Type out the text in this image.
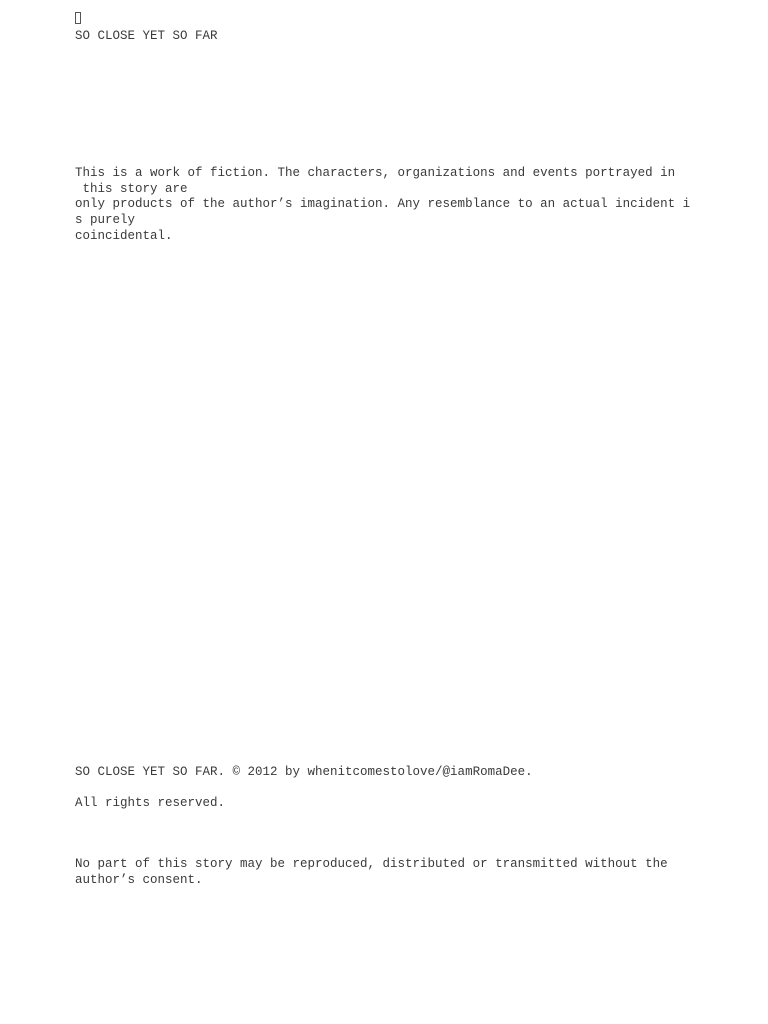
SO CLOSE YET SO FAR

This is a work of fiction. The characters, organizations and events portrayed in

this story are

only products of the author’s imagination. Any resemblance to an actual incident i

s purely

coincidental.

SO CLOSE YET SO FAR. © 2012 by whenitcomestolove/@iamRomaDee.

All rights reserved.

No part of this story may be reproduced, distributed or transmitted without the

author’s consent.
